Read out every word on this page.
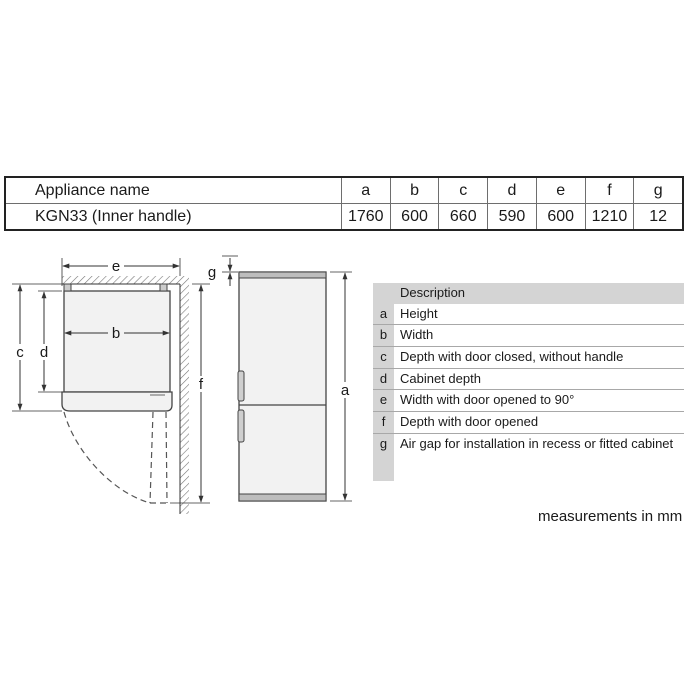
Appliance name	a	b	c	d	e	f	g
KGN33 (Inner handle)	1760	600	660	590	600	1210	12
e
b
c d
f
g
a
Description
a Height
b Width
c	Depth with door closed, without handle
d Cabinet depth
e Width with door opened to 90°
f	Depth with door opened
g Air gap for installation in recess or fitted cabinet
measurements in mm
